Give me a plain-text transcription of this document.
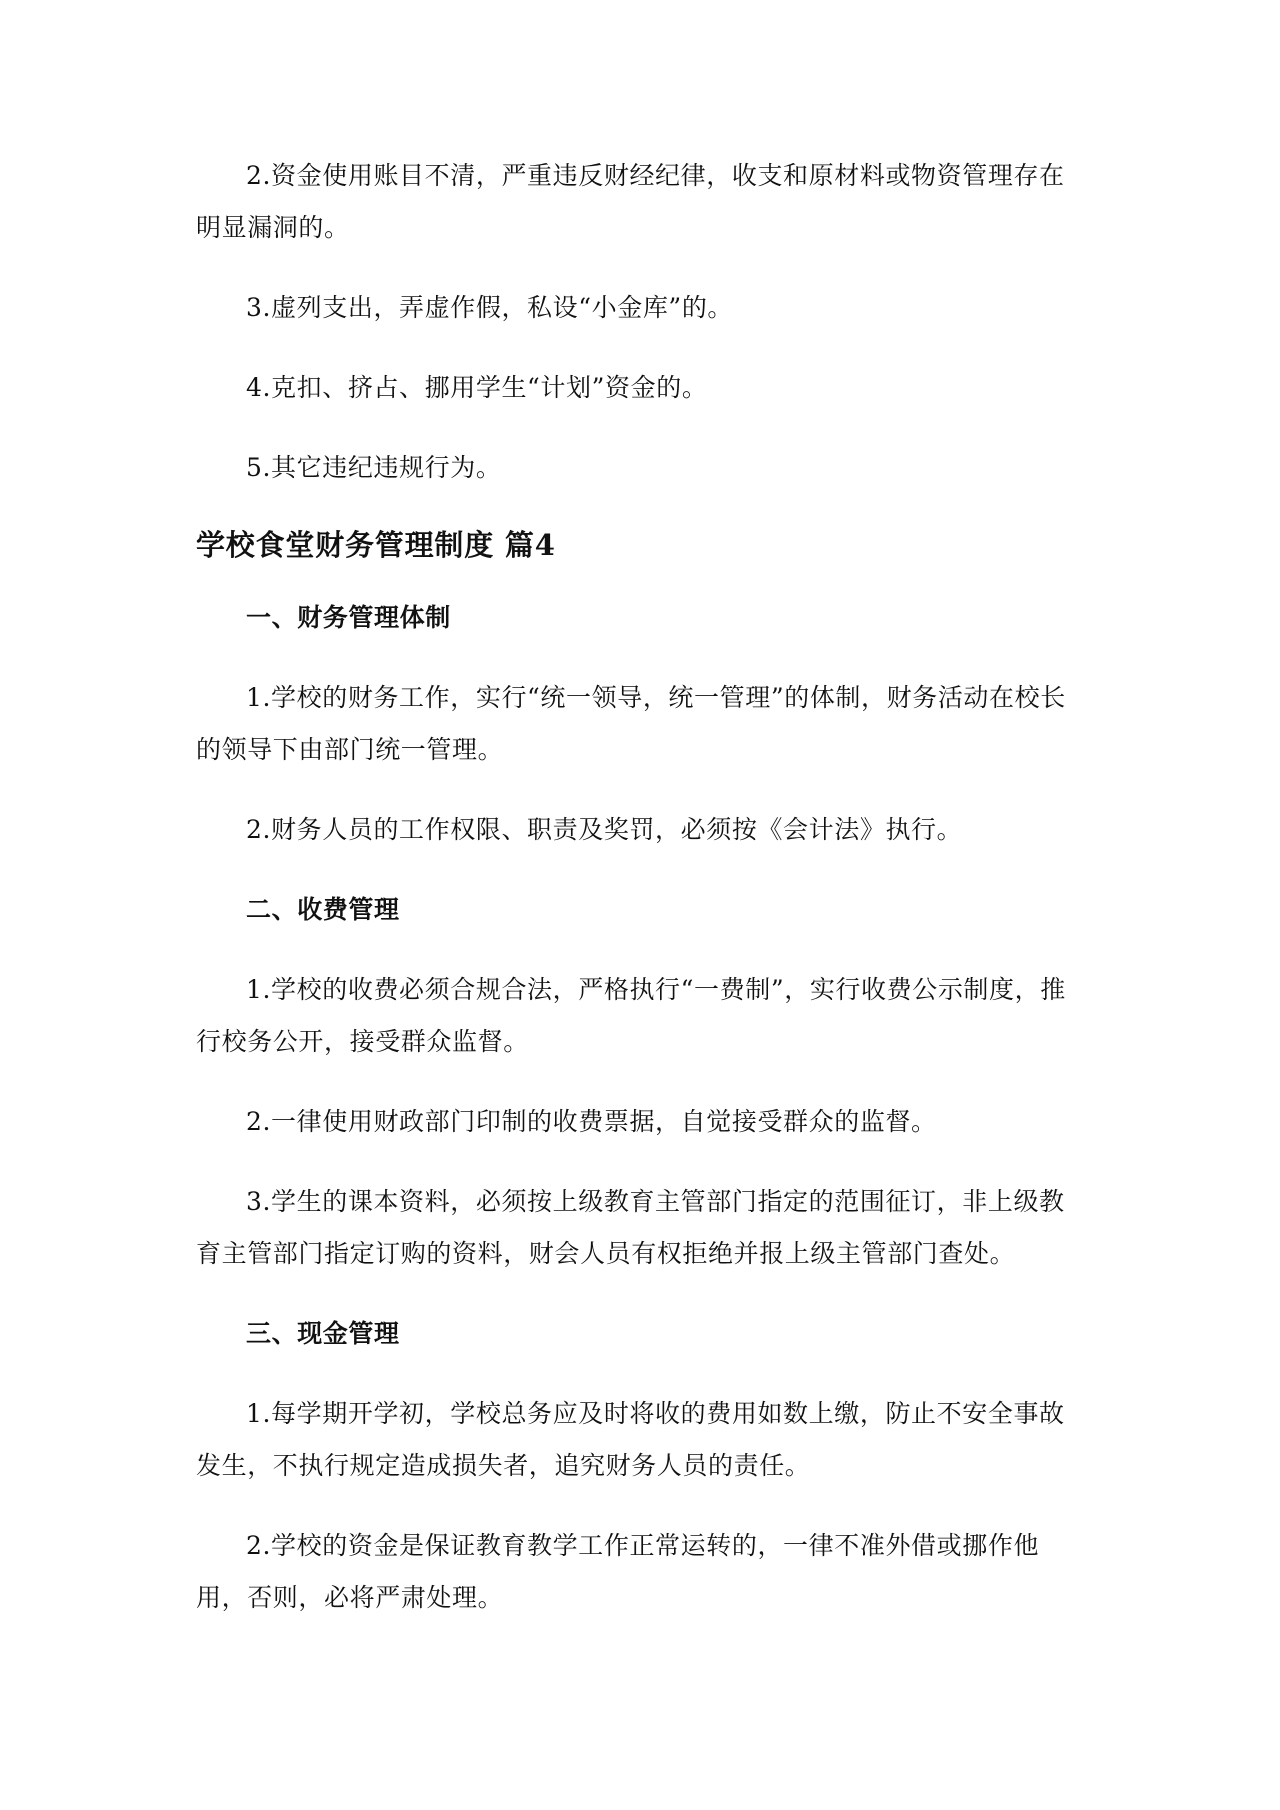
2.资金使用账目不清，严重违反财经纪律，收支和原材料或物资管理存在明显漏洞的。

3.虚列支出，弄虚作假，私设“小金库”的。

4.克扣、挤占、挪用学生“计划”资金的。

5.其它违纪违规行为。

学校食堂财务管理制度 篇4
一、财务管理体制

1.学校的财务工作，实行“统一领导，统一管理”的体制，财务活动在校长的领导下由部门统一管理。

2.财务人员的工作权限、职责及奖罚，必须按《会计法》执行。

二、收费管理

1.学校的收费必须合规合法，严格执行“一费制”，实行收费公示制度，推行校务公开，接受群众监督。

2.一律使用财政部门印制的收费票据，自觉接受群众的监督。

3.学生的课本资料，必须按上级教育主管部门指定的范围征订，非上级教育主管部门指定订购的资料，财会人员有权拒绝并报上级主管部门查处。

三、现金管理

1.每学期开学初，学校总务应及时将收的费用如数上缴，防止不安全事故发生，不执行规定造成损失者，追究财务人员的责任。

2.学校的资金是保证教育教学工作正常运转的，一律不准外借或挪作他用，否则，必将严肃处理。
